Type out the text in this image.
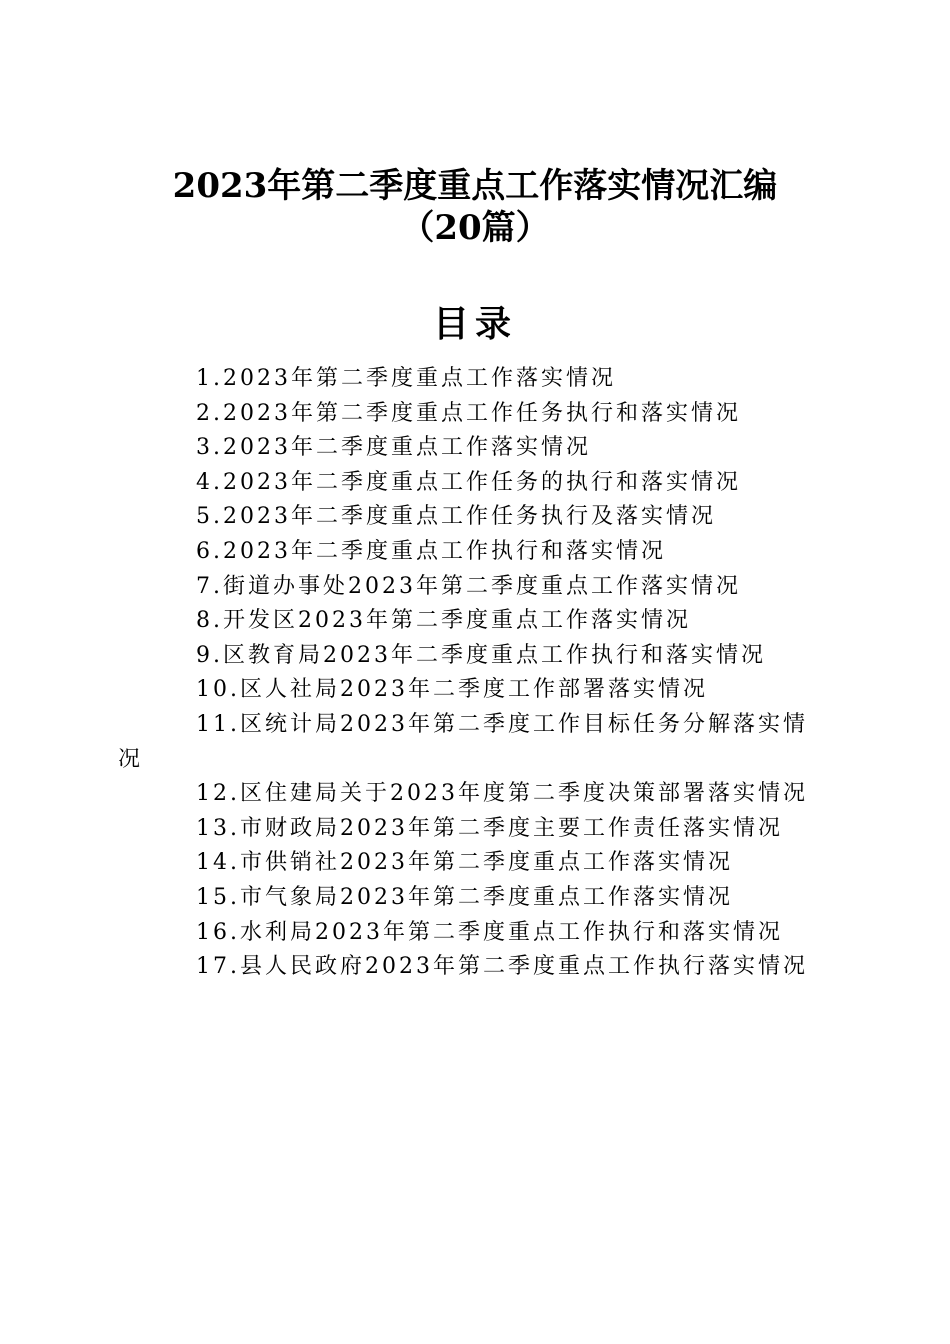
2023年第二季度重点工作落实情况汇编
（20篇）
目录
1.2023年第二季度重点工作落实情况
2.2023年第二季度重点工作任务执行和落实情况
3.2023年二季度重点工作落实情况
4.2023年二季度重点工作任务的执行和落实情况
5.2023年二季度重点工作任务执行及落实情况
6.2023年二季度重点工作执行和落实情况
7.街道办事处2023年第二季度重点工作落实情况
8.开发区2023年第二季度重点工作落实情况
9.区教育局2023年二季度重点工作执行和落实情况
10.区人社局2023年二季度工作部署落实情况
11.区统计局2023年第二季度工作目标任务分解落实情况
12.区住建局关于2023年度第二季度决策部署落实情况
13.市财政局2023年第二季度主要工作责任落实情况
14.市供销社2023年第二季度重点工作落实情况
15.市气象局2023年第二季度重点工作落实情况
16.水利局2023年第二季度重点工作执行和落实情况
17.县人民政府2023年第二季度重点工作执行落实情况
